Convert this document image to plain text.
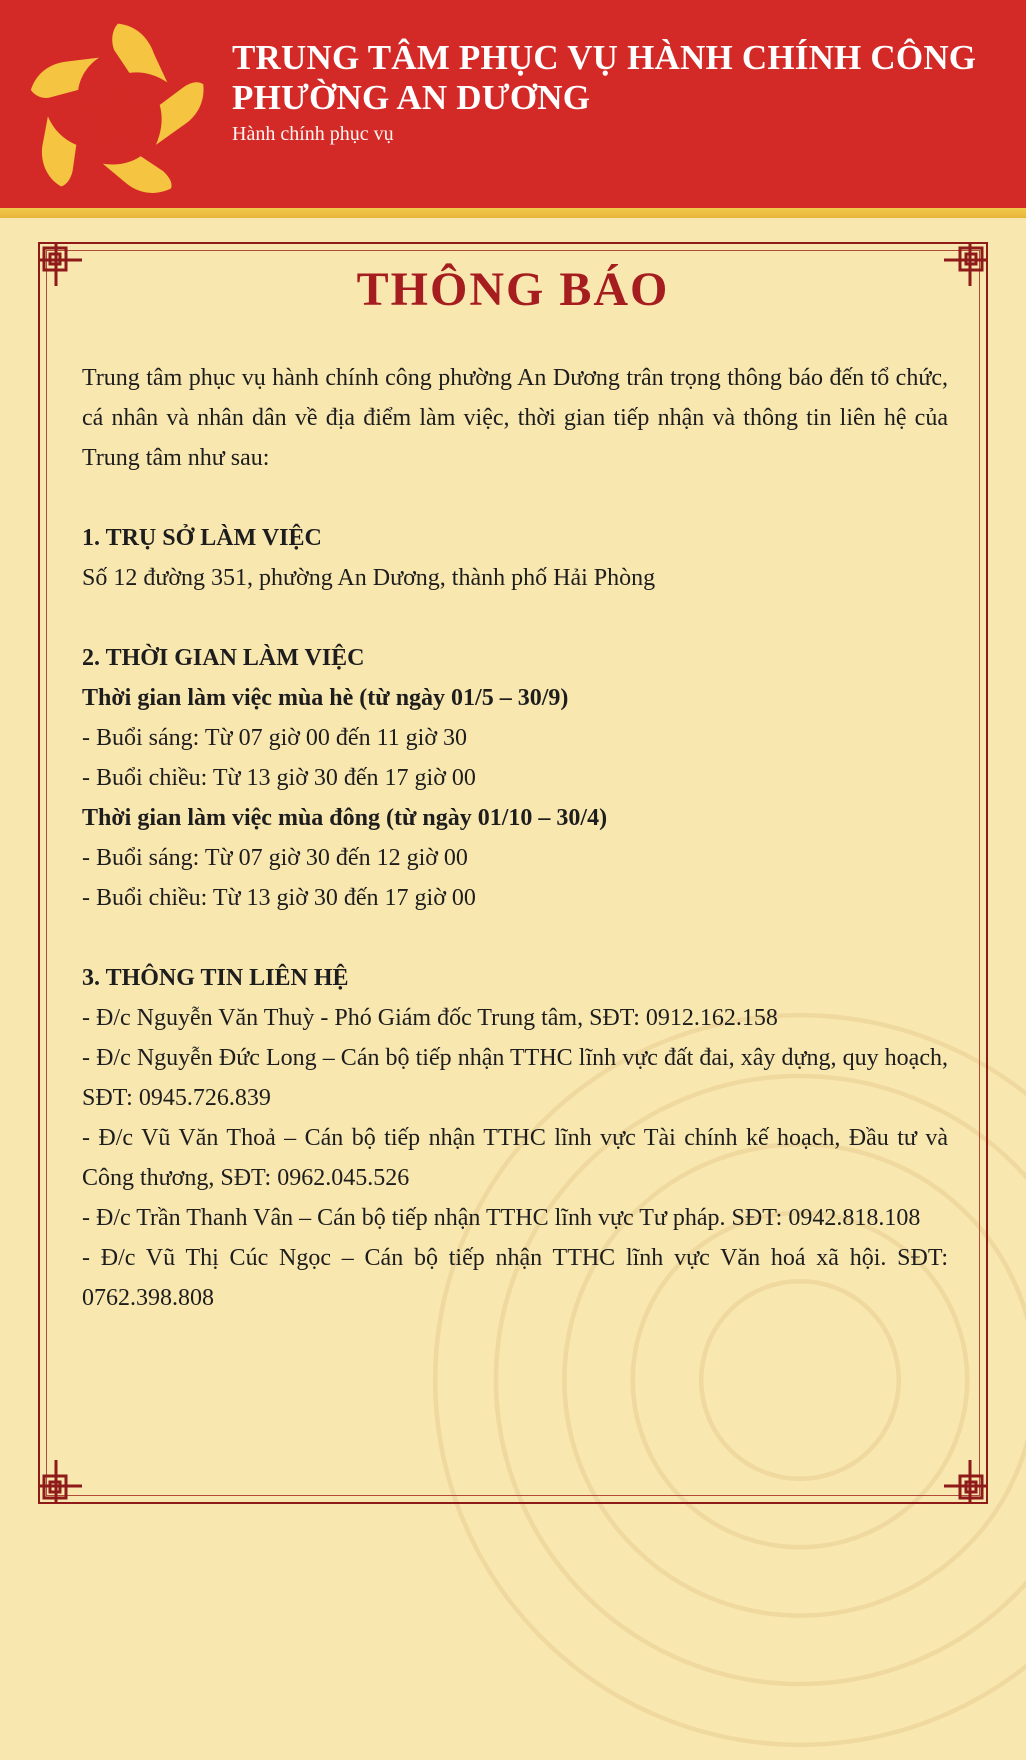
TRUNG TÂM PHỤC VỤ HÀNH CHÍNH CÔNG
PHƯỜNG AN DƯƠNG
Hành chính phục vụ
THÔNG BÁO
Trung tâm phục vụ hành chính công phường An Dương trân trọng thông báo đến tổ chức, cá nhân và nhân dân về địa điểm làm việc, thời gian tiếp nhận và thông tin liên hệ của Trung tâm như sau:
1. TRỤ SỞ LÀM VIỆC
Số 12 đường 351, phường An Dương, thành phố Hải Phòng
2. THỜI GIAN LÀM VIỆC
Thời gian làm việc mùa hè (từ ngày 01/5 – 30/9)
- Buổi sáng: Từ 07 giờ 00 đến 11 giờ 30
- Buổi chiều: Từ 13 giờ 30 đến 17 giờ 00
Thời gian làm việc mùa đông (từ ngày 01/10 – 30/4)
- Buổi sáng: Từ 07 giờ 30 đến 12 giờ 00
- Buổi chiều: Từ 13 giờ 30 đến 17 giờ 00
3. THÔNG TIN LIÊN HỆ
- Đ/c Nguyễn Văn Thuỳ - Phó Giám đốc Trung tâm, SĐT: 0912.162.158
- Đ/c Nguyễn Đức Long – Cán bộ tiếp nhận TTHC lĩnh vực đất đai, xây dựng, quy hoạch, SĐT: 0945.726.839
- Đ/c Vũ Văn Thoả – Cán bộ tiếp nhận TTHC lĩnh vực Tài chính kế hoạch, Đầu tư và Công thương, SĐT: 0962.045.526
- Đ/c Trần Thanh Vân – Cán bộ tiếp nhận TTHC lĩnh vực Tư pháp. SĐT: 0942.818.108
- Đ/c Vũ Thị Cúc Ngọc – Cán bộ tiếp nhận TTHC lĩnh vực Văn hoá xã hội. SĐT: 0762.398.808
